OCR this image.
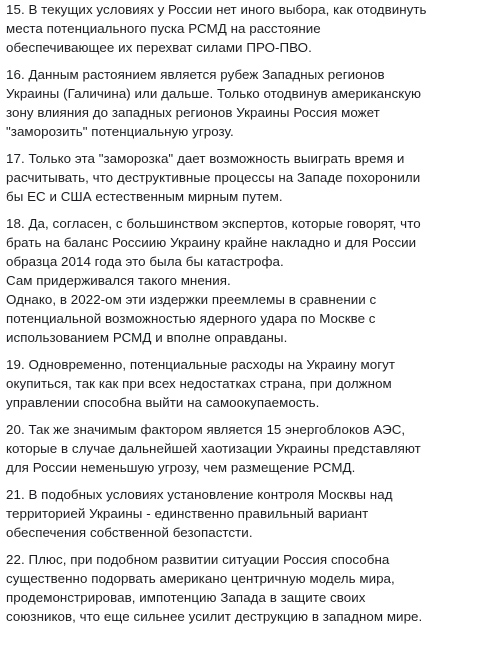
15. В текущих условиях у России нет иного выбора, как отодвинуть
места потенциального пуска РСМД на расстояние
обеспечивающее их перехват силами ПРО-ПВО.

16. Данным растоянием является рубеж Западных регионов
Украины (Галичина) или дальше. Только отодвинув американскую
зону влияния до западных регионов Украины Россия может
"заморозить" потенциальную угрозу.

17. Только эта "заморозка" дает возможность выиграть время и
расчитывать, что деструктивные процессы на Западе похоронили
бы ЕС и США естественным мирным путем.

18. Да, согласен, с большинством экспертов, которые говорят, что
брать на баланс Россиию Украину крайне накладно и для России
образца 2014 года это была бы катастрофа.
Сам придерживался такого мнения.
Однако, в 2022-ом эти издержки преемлемы в сравнении с
потенциальной возможностью ядерного удара по Москве с
использованием РСМД и вполне оправданы.

19. Одновременно, потенциальные расходы на Украину могут
окупиться, так как при всех недостатках страна, при должном
управлении способна выйти на самоокупаемость.

20. Так же значимым фактором является 15 энергоблоков АЭС,
которые в случае дальнейшей хаотизации Украины представляют
для России неменьшую угрозу, чем размещение РСМД.

21. В подобных условиях установление контроля Москвы над
территорией Украины - единственно правильный вариант
обеспечения собственной безопастсти.

22. Плюс, при подобном развитии ситуации Россия способна
существенно подорвать американо центричную модель мира,
продемонстрировав, импотенцию Запада в защите своих
союзников, что еще сильнее усилит деструкцию в западном мире.
